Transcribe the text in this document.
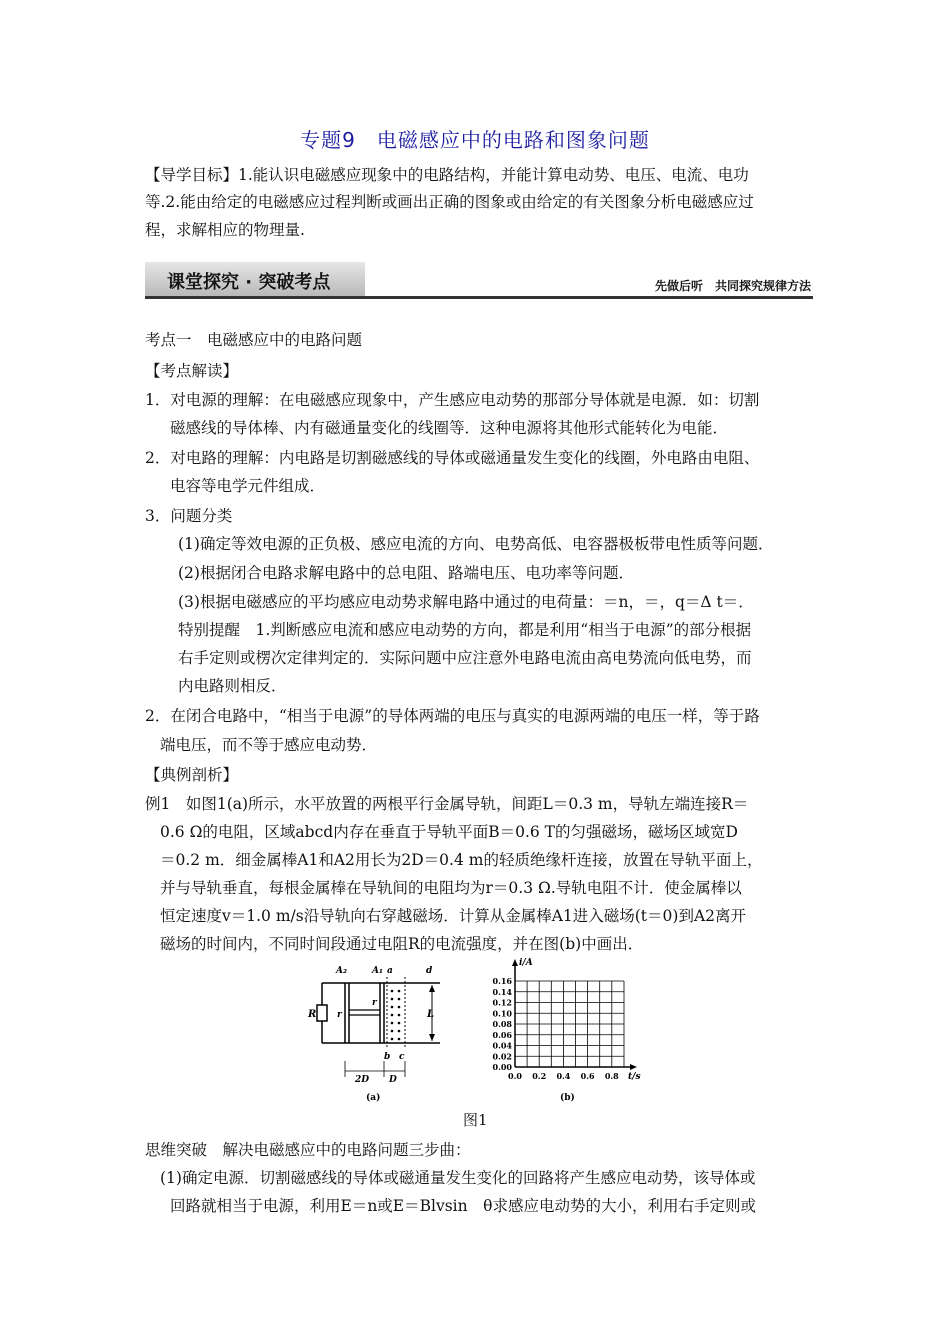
专题9　电磁感应中的电路和图象问题
【导学目标】1.能认识电磁感应现象中的电路结构，并能计算电动势、电压、电流、电功
等.2.能由给定的电磁感应过程判断或画出正确的图象或由给定的有关图象分析电磁感应过
程，求解相应的物理量.
课堂探究 · 突破考点	先做后听　共同探究规律方法
考点一　电磁感应中的电路问题
【考点解读】
1．对电源的理解：在电磁感应现象中，产生感应电动势的那部分导体就是电源．如：切割
磁感线的导体棒、内有磁通量变化的线圈等．这种电源将其他形式能转化为电能．
2．对电路的理解：内电路是切割磁感线的导体或磁通量发生变化的线圈，外电路由电阻、
电容等电学元件组成．
3．问题分类
(1)确定等效电源的正负极、感应电流的方向、电势高低、电容器极板带电性质等问题．
(2)根据闭合电路求解电路中的总电阻、路端电压、电功率等问题．
(3)根据电磁感应的平均感应电动势求解电路中通过的电荷量：＝n，＝，q＝Δ t＝．
特别提醒　1.判断感应电流和感应电动势的方向，都是利用“相当于电源”的部分根据
右手定则或楞次定律判定的．实际问题中应注意外电路电流由高电势流向低电势，而
内电路则相反．
2．在闭合电路中，“相当于电源”的导体两端的电压与真实的电源两端的电压一样，等于路
端电压，而不等于感应电动势．
【典例剖析】
例1　如图1(a)所示，水平放置的两根平行金属导轨，间距L＝0.3 m，导轨左端连接R＝
0.6 Ω的电阻，区域abcd内存在垂直于导轨平面B＝0.6 T的匀强磁场，磁场区域宽D
＝0.2 m．细金属棒A1和A2用长为2D＝0.4 m的轻质绝缘杆连接，放置在导轨平面上，
并与导轨垂直，每根金属棒在导轨间的电阻均为r＝0.3 Ω.导轨电阻不计．使金属棒以
恒定速度v＝1.0 m/s沿导轨向右穿越磁场．计算从金属棒A1进入磁场(t＝0)到A2离开
磁场的时间内，不同时间段通过电阻R的电流强度，并在图(b)中画出．
R
A₂
r
A₁
r
a	d
b c
L
2D D
(a)
i/A
t/s
0.16
0.14
0.12
0.10
0.08
0.06
0.04
0.02
0.00
0.0 0.2 0.4 0.6 0.8
(b)
图1
思维突破　解决电磁感应中的电路问题三步曲：
(1)确定电源．切割磁感线的导体或磁通量发生变化的回路将产生感应电动势，该导体或
回路就相当于电源，利用E＝n或E＝Blvsin　θ求感应电动势的大小，利用右手定则或
